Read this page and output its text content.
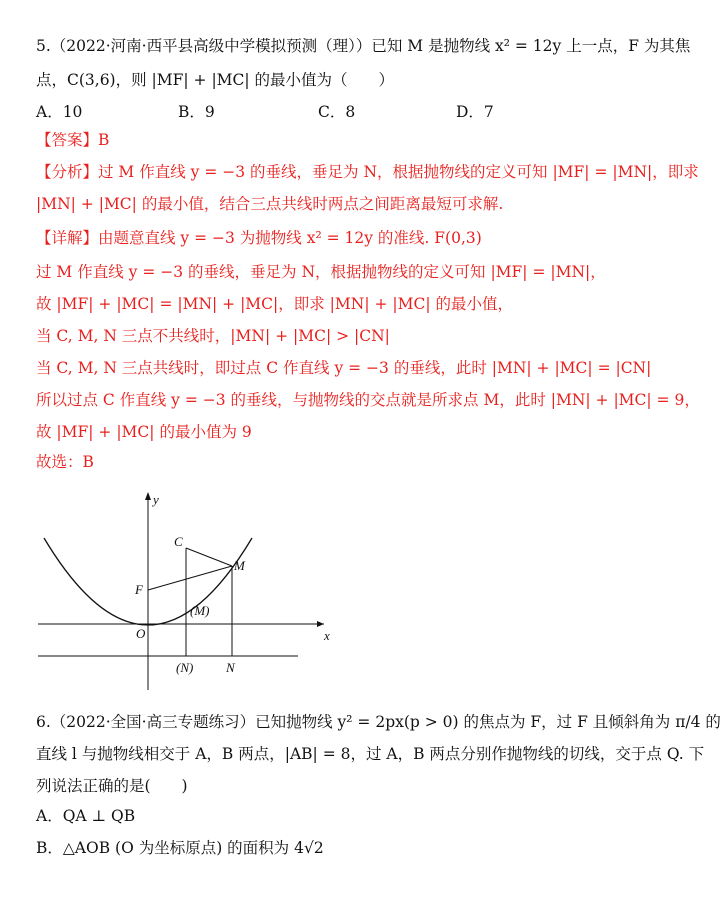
5.（2022·河南·西平县高级中学模拟预测（理））已知 M 是抛物线 x² = 12y 上一点，F 为其焦
点，C(3,6)，则 |MF| + |MC| 的最小值为（　　）
A．10	B．9	C．8	D．7
【答案】B
【分析】过 M 作直线 y = −3 的垂线，垂足为 N，根据抛物线的定义可知 |MF| = |MN|，即求
|MN| + |MC| 的最小值，结合三点共线时两点之间距离最短可求解.
【详解】由题意直线 y = −3 为抛物线 x² = 12y 的准线. F(0,3)
过 M 作直线 y = −3 的垂线，垂足为 N，根据抛物线的定义可知 |MF| = |MN|，
故 |MF| + |MC| = |MN| + |MC|，即求 |MN| + |MC| 的最小值，
当 C, M, N 三点不共线时，|MN| + |MC| > |CN|
当 C, M, N 三点共线时，即过点 C 作直线 y = −3 的垂线，此时 |MN| + |MC| = |CN|
所以过点 C 作直线 y = −3 的垂线，与抛物线的交点就是所求点 M，此时 |MN| + |MC| = 9，
故 |MF| + |MC| 的最小值为 9
故选：B
y
x
O
F
C
M
(M)
(N)	N
6.（2022·全国·高三专题练习）已知抛物线 y² = 2px(p > 0) 的焦点为 F，过 F 且倾斜角为 π/4 的
直线 l 与抛物线相交于 A，B 两点，|AB| = 8，过 A，B 两点分别作抛物线的切线，交于点 Q. 下
列说法正确的是(　　)
A．QA ⊥ QB
B．△AOB (O 为坐标原点) 的面积为 4√2
